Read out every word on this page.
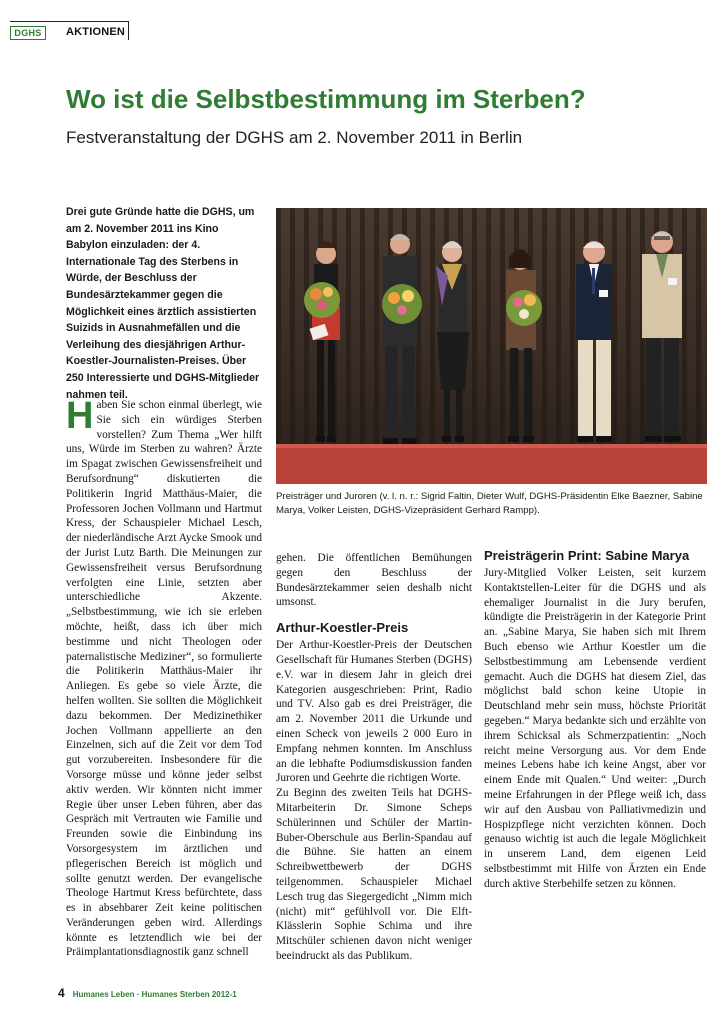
DGHS	AKTIONEN
Wo ist die Selbstbestimmung im Sterben?
Festveranstaltung der DGHS am 2. November 2011 in Berlin

Drei gute Gründe hatte die DGHS, um am 2. November 2011 ins Kino Babylon einzuladen: der 4. Internationale Tag des Sterbens in Würde, der Beschluss der Bundesärztekammer gegen die Möglichkeit eines ärztlich assistierten Suizids in Ausnahmefällen und die Verleihung des diesjährigen Arthur-Koestler-Journalisten-Preises. Über 250 Interessierte und DGHS-Mitglieder nahmen teil.

Preisträger und Juroren (v. l. n. r.: Sigrid Faltin, Dieter Wulf, DGHS-Präsidentin Elke Baezner, Sabine Marya, Volker Leisten, DGHS-Vizepräsident Gerhard Rampp).

Haben Sie schon einmal überlegt, wie Sie sich ein würdiges Sterben vorstellen? Zum Thema „Wer hilft uns, Würde im Sterben zu wahren? Ärzte im Spagat zwischen Gewissensfreiheit und Berufsordnung“ diskutierten die Politikerin Ingrid Matthäus-Maier, die Professoren Jochen Vollmann und Hartmut Kress, der Schauspieler Michael Lesch, der niederländische Arzt Aycke Smook und der Jurist Lutz Barth. Die Meinungen zur Gewissensfreiheit versus Berufsordnung verfolgten eine Linie, setzten aber unterschiedliche Akzente. „Selbstbestimmung, wie ich sie erleben möchte, heißt, dass ich über mich bestimme und nicht Theologen oder paternalistische Mediziner“, so formulierte die Politikerin Matthäus-Maier ihr Anliegen. Es gebe so viele Ärzte, die helfen wollten. Sie sollten die Möglichkeit dazu bekommen. Der Medizinethiker Jochen Vollmann appellierte an den Einzelnen, sich auf die Zeit vor dem Tod gut vorzubereiten. Insbesondere für die Vorsorge müsse und könne jeder selbst aktiv werden. Wir könnten nicht immer Regie über unser Leben führen, aber das Gespräch mit Vertrauten wie Familie und Freunden sowie die Einbindung ins Vorsorgesystem im ärztlichen und pflegerischen Bereich ist möglich und sollte genutzt werden. Der evangelische Theologe Hartmut Kress befürchtete, dass es in absehbarer Zeit keine politischen Veränderungen geben wird. Allerdings könnte es letztendlich wie bei der Präimplantationsdiagnostik ganz schnell

gehen. Die öffentlichen Bemühungen gegen den Beschluss der Bundesärztekammer seien deshalb nicht umsonst.

Arthur-Koestler-Preis

Der Arthur-Koestler-Preis der Deutschen Gesellschaft für Humanes Sterben (DGHS) e.V. war in diesem Jahr in gleich drei Kategorien ausgeschrieben: Print, Radio und TV. Also gab es drei Preisträger, die am 2. November 2011 die Urkunde und einen Scheck von jeweils 2 000 Euro in Empfang nehmen konnten. Im Anschluss an die lebhafte Podiumsdiskussion fanden Juroren und Geehrte die richtigen Worte.

Zu Beginn des zweiten Teils hat DGHS-Mitarbeiterin Dr. Simone Scheps Schülerinnen und Schüler der Martin-Buber-Oberschule aus Berlin-Spandau auf die Bühne. Sie hatten an einem Schreibwettbewerb der DGHS teilgenommen. Schauspieler Michael Lesch trug das Siegergedicht „Nimm mich (nicht) mit“ gefühlvoll vor. Die Elft-Klässlerin Sophie Schima und ihre Mitschüler schienen davon nicht weniger beeindruckt als das Publikum.

Preisträgerin Print: Sabine Marya

Jury-Mitglied Volker Leisten, seit kurzem Kontaktstellen-Leiter für die DGHS und als ehemaliger Journalist in die Jury berufen, kündigte die Preisträgerin in der Kategorie Print an. „Sabine Marya, Sie haben sich mit Ihrem Buch ebenso wie Arthur Koestler um die Selbstbestimmung am Lebensende verdient gemacht. Auch die DGHS hat diesem Ziel, das möglichst bald schon keine Utopie in Deutschland mehr sein muss, höchste Priorität gegeben.“ Marya bedankte sich und erzählte von ihrem Schicksal als Schmerzpatientin: „Noch reicht meine Versorgung aus. Vor dem Ende meines Lebens habe ich keine Angst, aber vor einem Ende mit Qualen.“ Und weiter: „Durch meine Erfahrungen in der Pflege weiß ich, dass wir auf den Ausbau von Palliativmedizin und Hospizpflege nicht verzichten können. Doch genauso wichtig ist auch die legale Möglichkeit in unserem Land, dem eigenen Leid selbstbestimmt mit Hilfe von Ärzten ein Ende durch aktive Sterbehilfe setzen zu können.

4 Humanes Leben · Humanes Sterben 2012-1
